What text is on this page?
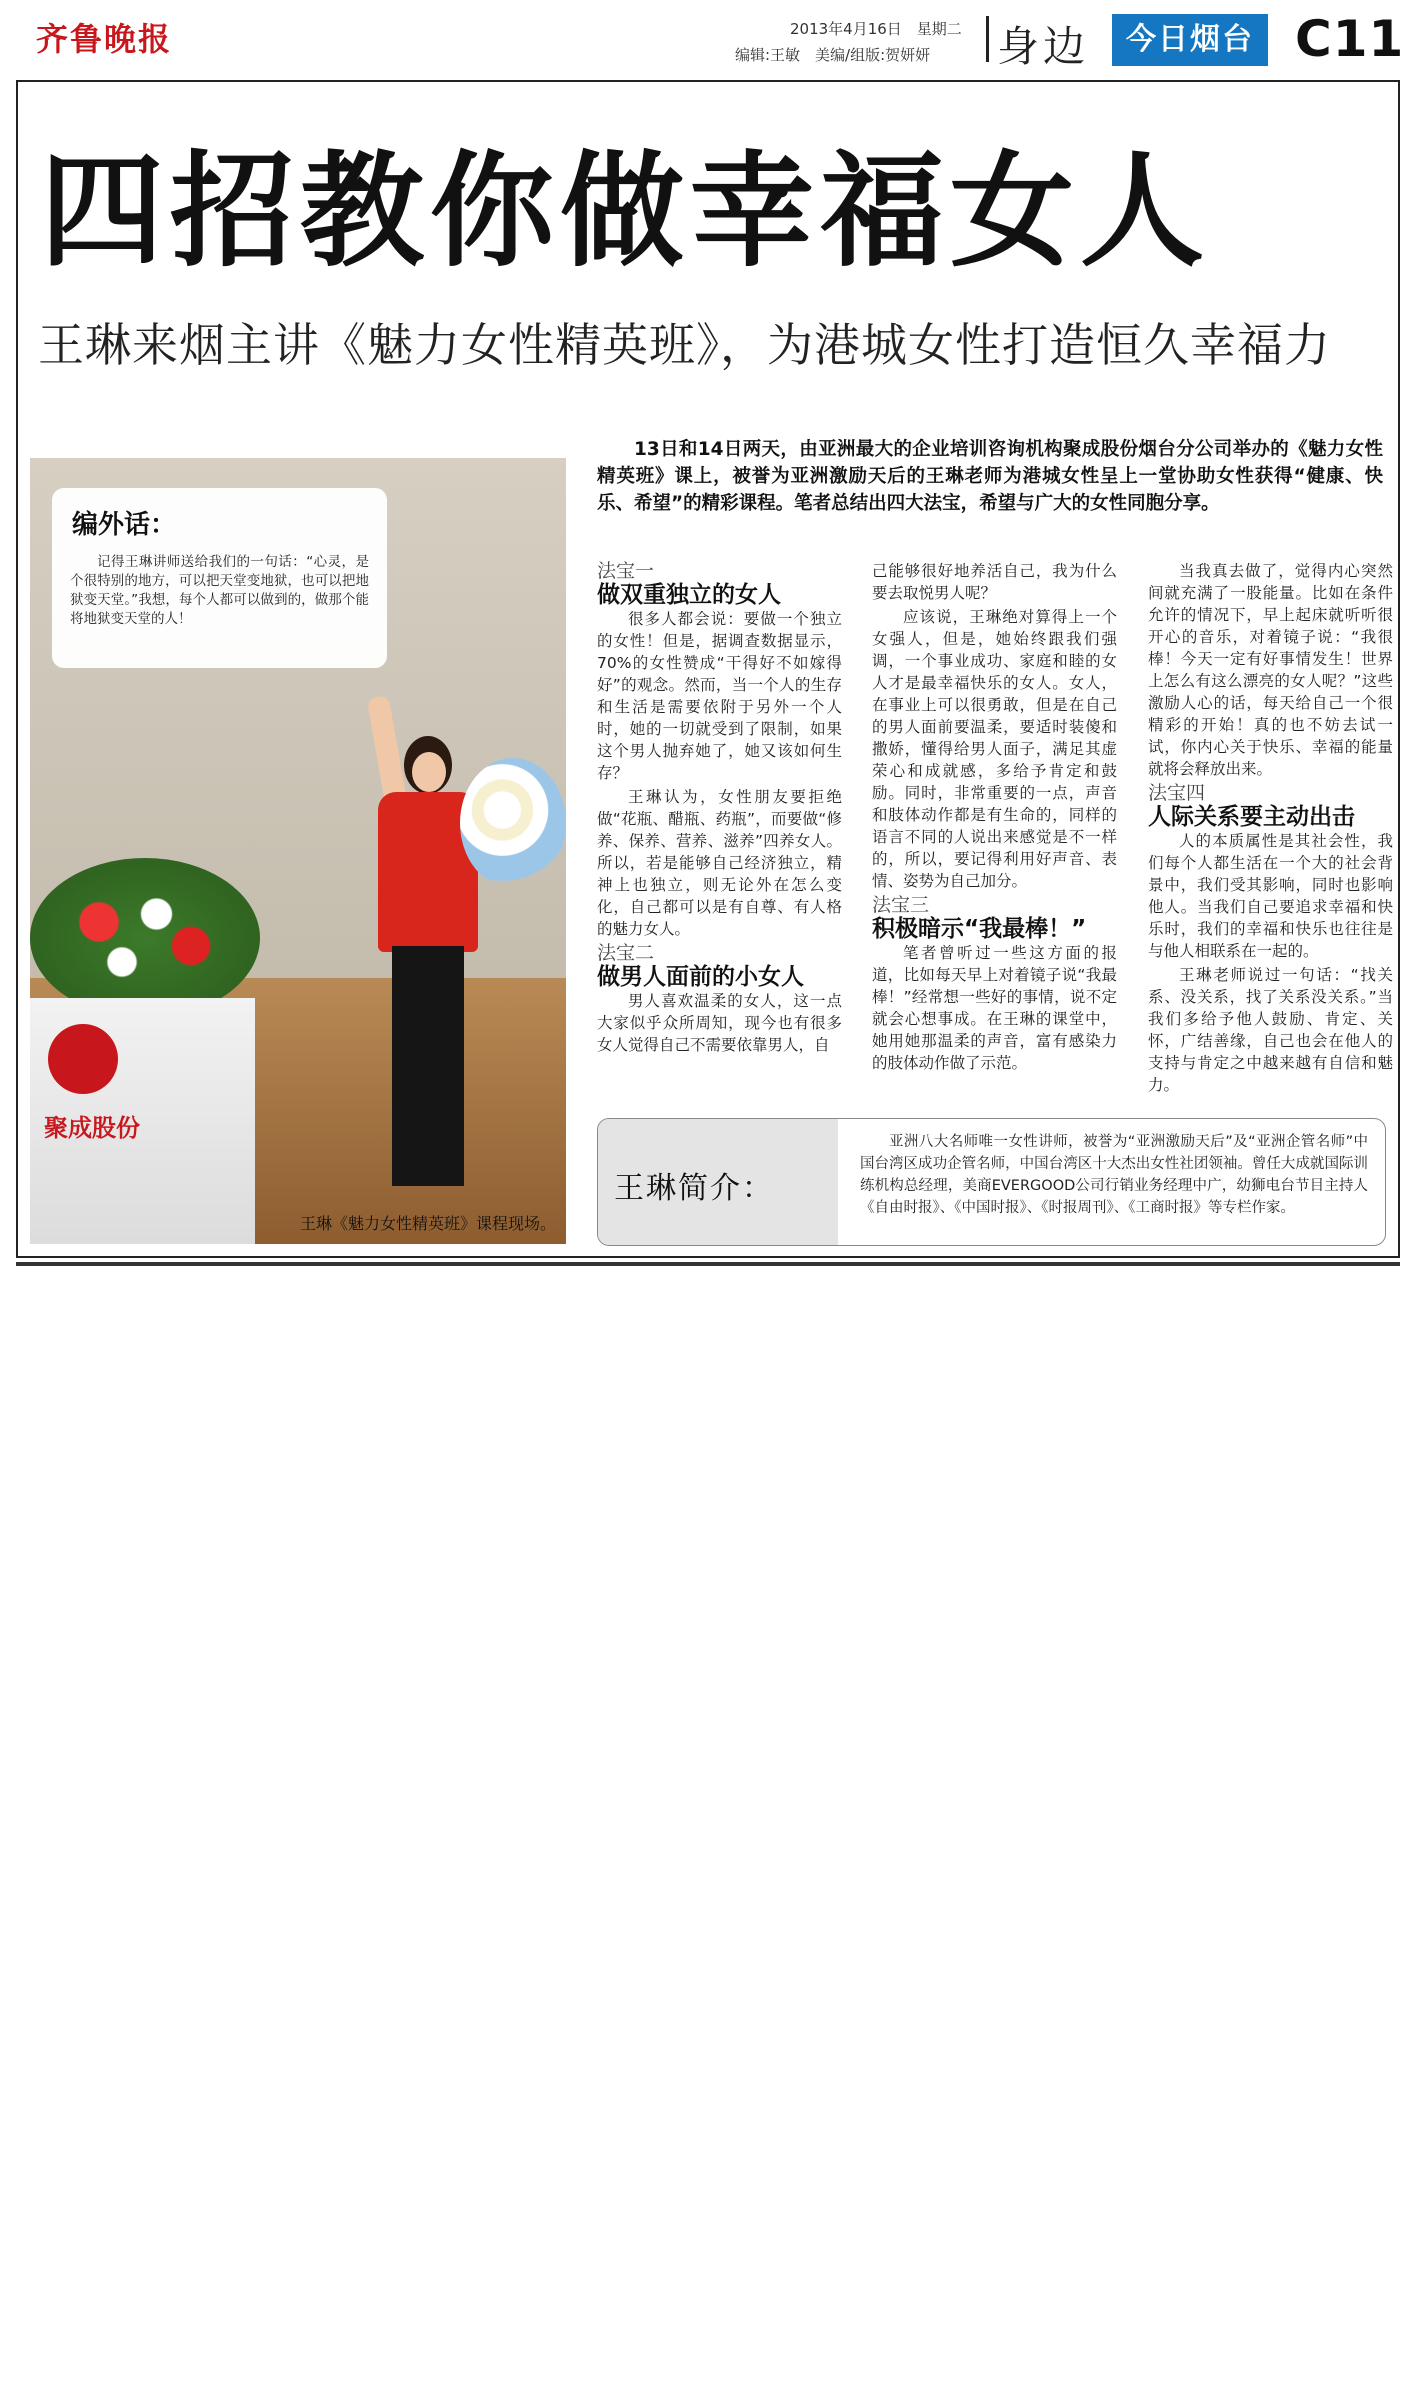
齐鲁晚报	2013年4月16日　星期二
编辑:王敏　美编/组版:贺妍妍 身边	今日烟台 C11
四招教你做幸福女人
王琳来烟主讲《魅力女性精英班》，为港城女性打造恒久幸福力
聚成股份
王琳《魅力女性精英班》课程现场。
编外话：
记得王琳讲师送给我们的一句话：“心灵，是个很特别的地方，可以把天堂变地狱，也可以把地狱变天堂。”我想，每个人都可以做到的，做那个能将地狱变天堂的人！
13日和14日两天，由亚洲最大的企业培训咨询机构聚成股份烟台分公司举办的《魅力女性精英班》课上，被誉为亚洲激励天后的王琳老师为港城女性呈上一堂协助女性获得“健康、快乐、希望”的精彩课程。笔者总结出四大法宝，希望与广大的女性同胞分享。

法宝一

做双重独立的女人

很多人都会说：要做一个独立的女性！但是，据调查数据显示，70%的女性赞成“干得好不如嫁得好”的观念。然而，当一个人的生存和生活是需要依附于另外一个人时，她的一切就受到了限制，如果这个男人抛弃她了，她又该如何生存？

王琳认为，女性朋友要拒绝做“花瓶、醋瓶、药瓶”，而要做“修养、保养、营养、滋养”四养女人。所以，若是能够自己经济独立，精神上也独立，则无论外在怎么变化，自己都可以是有自尊、有人格的魅力女人。

法宝二

做男人面前的小女人

男人喜欢温柔的女人，这一点大家似乎众所周知，现今也有很多女人觉得自己不需要依靠男人，自

己能够很好地养活自己，我为什么要去取悦男人呢？

应该说，王琳绝对算得上一个女强人，但是，她始终跟我们强调，一个事业成功、家庭和睦的女人才是最幸福快乐的女人。女人，在事业上可以很勇敢，但是在自己的男人面前要温柔，要适时装傻和撒娇，懂得给男人面子，满足其虚荣心和成就感，多给予肯定和鼓励。同时，非常重要的一点，声音和肢体动作都是有生命的，同样的语言不同的人说出来感觉是不一样的，所以，要记得利用好声音、表情、姿势为自己加分。

法宝三

积极暗示“我最棒！”

笔者曾听过一些这方面的报道，比如每天早上对着镜子说“我最棒！”经常想一些好的事情，说不定就会心想事成。在王琳的课堂中，她用她那温柔的声音，富有感染力的肢体动作做了示范。

当我真去做了，觉得内心突然间就充满了一股能量。比如在条件允许的情况下，早上起床就听听很开心的音乐，对着镜子说：“我很棒！今天一定有好事情发生！世界上怎么有这么漂亮的女人呢？”这些激励人心的话，每天给自己一个很精彩的开始！真的也不妨去试一试，你内心关于快乐、幸福的能量就将会释放出来。

法宝四

人际关系要主动出击

人的本质属性是其社会性，我们每个人都生活在一个大的社会背景中，我们受其影响，同时也影响他人。当我们自己要追求幸福和快乐时，我们的幸福和快乐也往往是与他人相联系在一起的。

王琳老师说过一句话：“找关系、没关系，找了关系没关系。”当我们多给予他人鼓励、肯定、关怀，广结善缘，自己也会在他人的支持与肯定之中越来越有自信和魅力。

王琳简介：
亚洲八大名师唯一女性讲师，被誉为“亚洲激励天后”及“亚洲企管名师”中国台湾区成功企管名师，中国台湾区十大杰出女性社团领袖。曾任大成就国际训练机构总经理，美商EVERGOOD公司行销业务经理中广，幼狮电台节目主持人《自由时报》、《中国时报》、《时报周刊》、《工商时报》等专栏作家。
